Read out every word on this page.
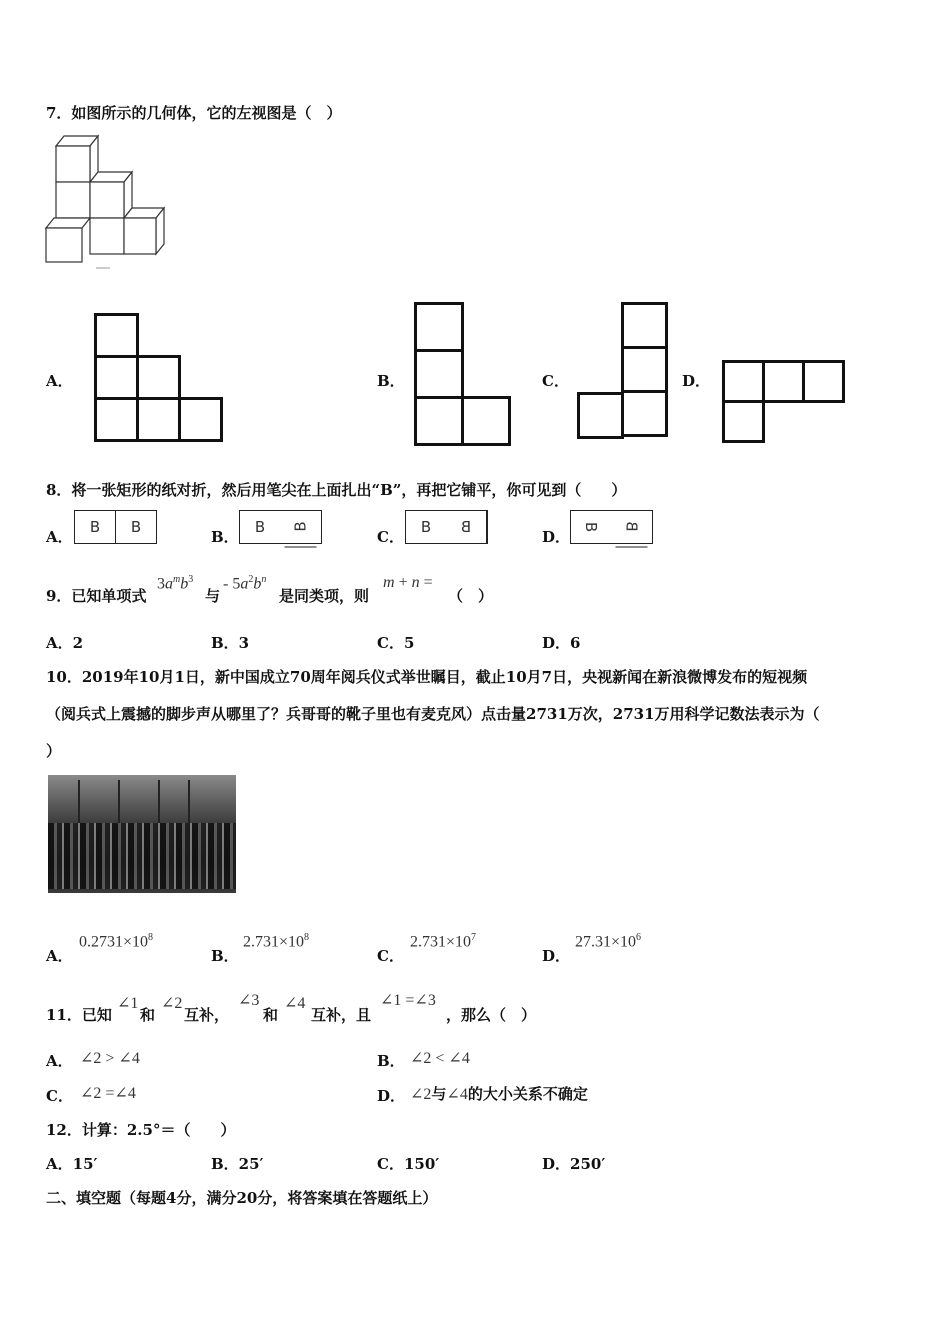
7．如图所示的几何体，它的左视图是（　）
A．	B．	C．	D．
8．将一张矩形的纸对折，然后用笔尖在上面扎出“B”，再把它铺平，你可见到（　　）
A．
B	B
B．
B	B
C．
B	B
D．
B	B
9．已知单项式
$3a^mb^3$
与
- $5a^2b^n$
是同类项，则
m + n =
（　）
A．2	B．3	C．5	D．6
10．2019年10月1日，新中国成立70周年阅兵仪式举世瞩目，截止10月7日，央视新闻在新浪微博发布的短视频
（阅兵式上震撼的脚步声从哪里了？兵哥哥的靴子里也有麦克风）点击量2731万次，2731万用科学记数法表示为（
）
A．
$0.2731\times 10^8$
B．
$2.731\times 10^8$
C．
$2.731\times 10^7$
D．
$27.31\times 10^6$
11．已知
∠1
和
∠2
互补，
∠3
和
∠4
互补，且
∠1 =∠3
，那么（　）
A． ∠2 > ∠4	B． ∠2 < ∠4
C． ∠2 =∠4	D． ∠2与∠4的大小关系不确定
12．计算：2.5°＝（　　）
A．15′	B．25′	C．150′	D．250′
二、填空题（每题4分，满分20分，将答案填在答题纸上）
